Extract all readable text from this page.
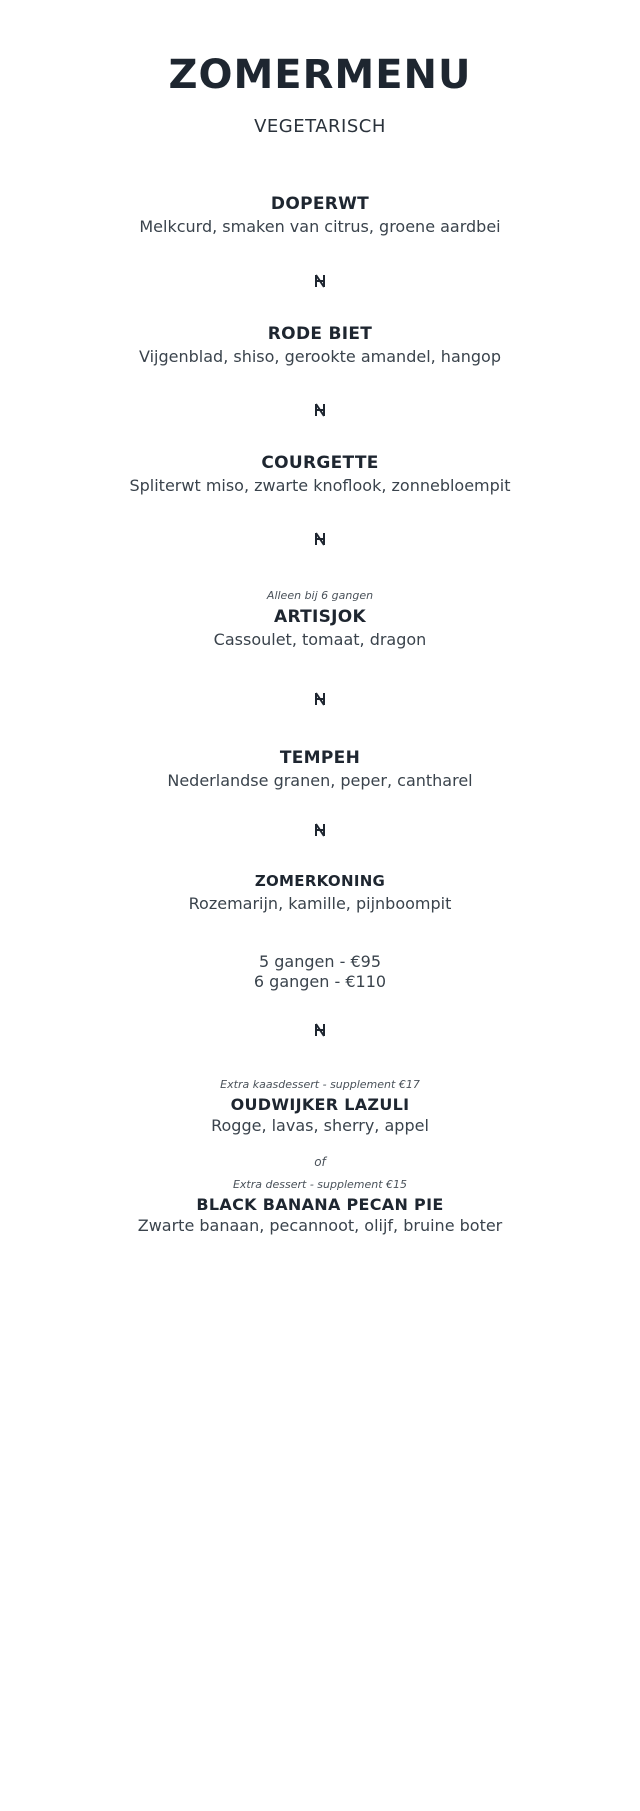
ZOMERMENU
VEGETARISCH
DOPERWT
Melkcurd, smaken van citrus, groene aardbei
RODE BIET
Vijgenblad, shiso, gerookte amandel, hangop
COURGETTE
Spliterwt miso, zwarte knoflook, zonnebloempit
Alleen bij 6 gangen
ARTISJOK
Cassoulet, tomaat, dragon
TEMPEH
Nederlandse granen, peper, cantharel
ZOMERKONING
Rozemarijn, kamille, pijnboompit
5 gangen - €95
6 gangen - €110
Extra kaasdessert - supplement €17
OUDWIJKER LAZULI
Rogge, lavas, sherry, appel
of
Extra dessert - supplement €15
BLACK BANANA PECAN PIE
Zwarte banaan, pecannoot, olijf, bruine boter
